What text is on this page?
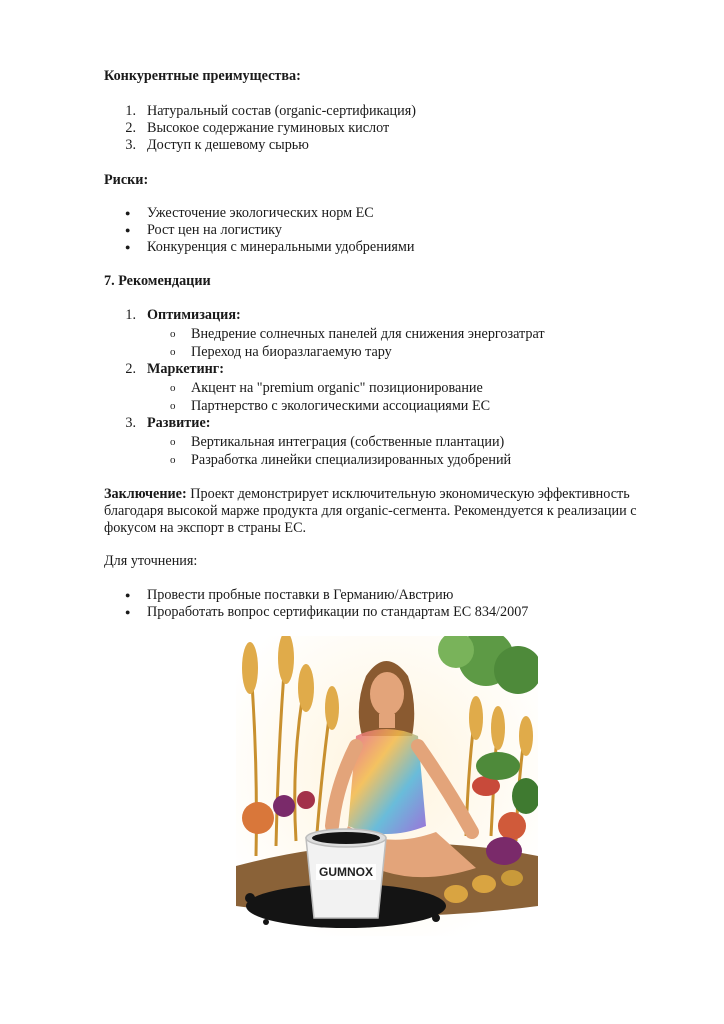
Конкурентные преимущества:
1. Натуральный состав (organic-сертификация)
2. Высокое содержание гуминовых кислот
3. Доступ к дешевому сырью
Риски:
● Ужесточение экологических норм ЕС
● Рост цен на логистику
● Конкуренция с минеральными удобрениями
7. Рекомендации
1. Оптимизация:
o Внедрение солнечных панелей для снижения энергозатрат
o Переход на биоразлагаемую тару
2. Маркетинг:
o Акцент на "premium organic" позиционирование
o Партнерство с экологическими ассоциациями ЕС
3. Развитие:
o Вертикальная интеграция (собственные плантации)
o Разработка линейки специализированных удобрений
Заключение: Проект демонстрирует исключительную экономическую эффективность
благодаря высокой марже продукта для organic-сегмента. Рекомендуется к реализации с
фокусом на экспорт в страны ЕС.
Для уточнения:
● Провести пробные поставки в Германию/Австрию
● Проработать вопрос сертификации по стандартам ЕС 834/2007
GUMNOX
